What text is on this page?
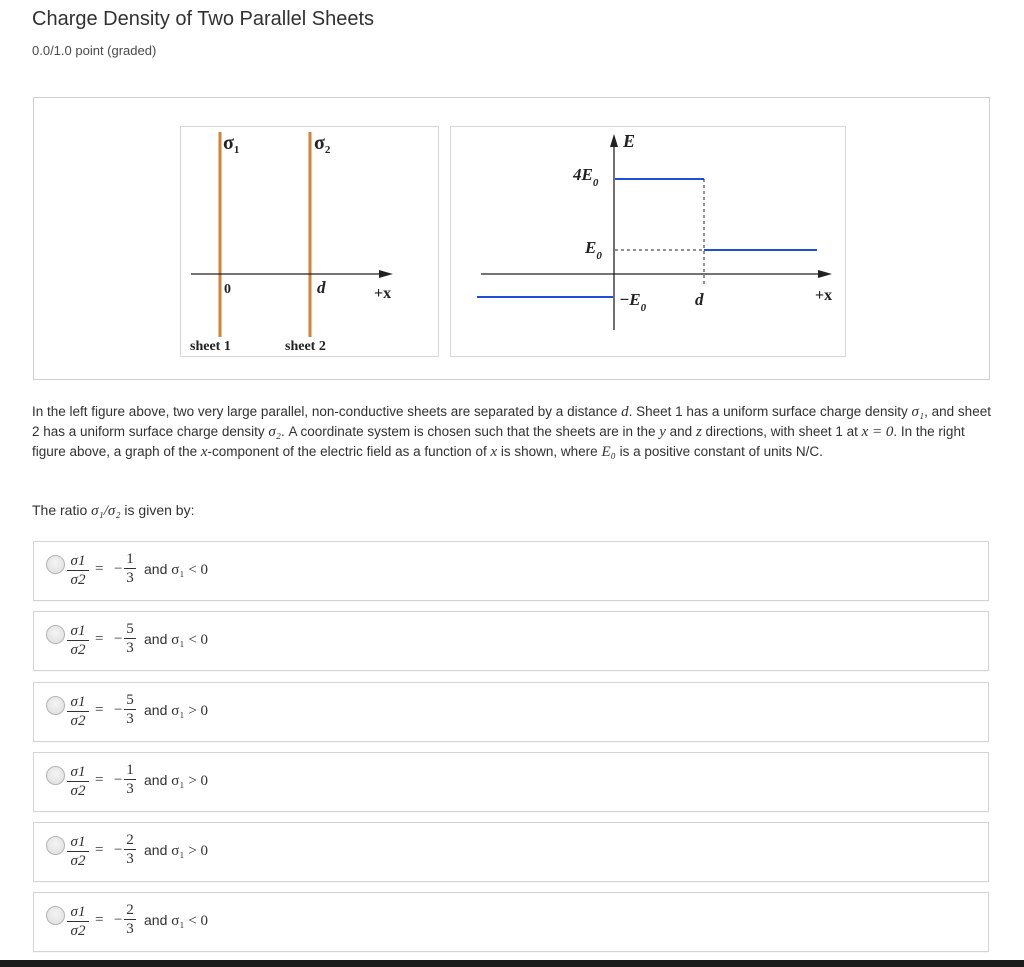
Charge Density of Two Parallel Sheets
0.0/1.0 point (graded)
$\sigma_1$	$\sigma_2$
0	d	+x
sheet 1	sheet 2
E
$4E_0$
$E_0$
$-E_0$	d	+x
In the left figure above, two very large parallel, non-conductive sheets are separated by a distance d. Sheet 1 has a uniform surface charge density σ₁, and sheet 2 has a uniform surface charge density σ₂. A coordinate system is chosen such that the sheets are in the y and z directions, with sheet 1 at x = 0. In the right figure above, a graph of the x-component of the electric field as a function of x is shown, where E₀ is a positive constant of units N/C.
The ratio σ₁/σ₂ is given by:
σ1
σ2
= −
1
3
and σ₁ < 0
σ1
σ2
= −
5
3
and σ₁ < 0
σ1
σ2
= −
5
3
and σ₁ > 0
σ1
σ2
= −
1
3
and σ₁ > 0
σ1
σ2
= −
2
3
and σ₁ > 0
σ1
σ2
= −
2
3
and σ₁ < 0
